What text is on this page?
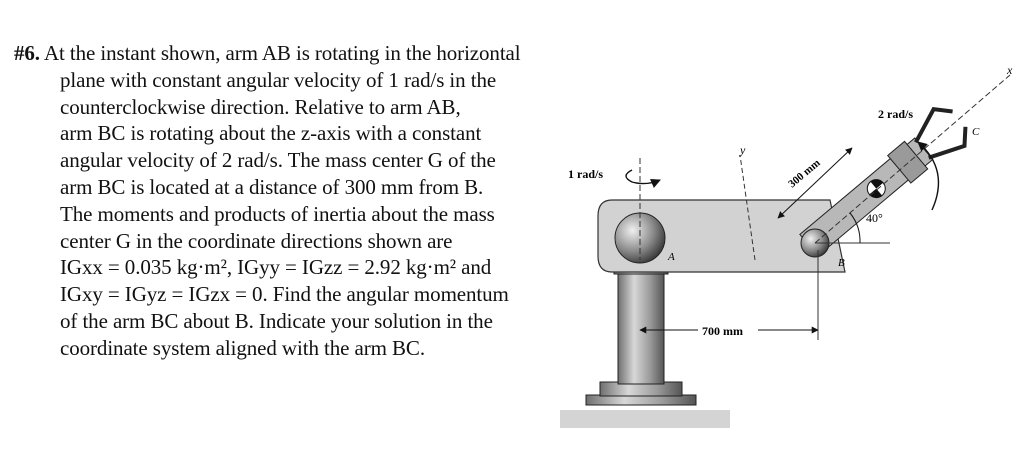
#6. At the instant shown, arm AB is rotating in the horizontal
plane with constant angular velocity of 1 rad/s in the
counterclockwise direction. Relative to arm AB,
arm BC is rotating about the z-axis with a constant
angular velocity of 2 rad/s. The mass center G of the
arm BC is located at a distance of 300 mm from B.
The moments and products of inertia about the mass
center G in the coordinate directions shown are
IGxx = 0.035 kg·m², IGyy = IGzz = 2.92 kg·m² and
IGxy = IGyz = IGzx = 0. Find the angular momentum
of the arm BC about B. Indicate your solution in the
coordinate system aligned with the arm BC.
A
1 rad/s
y
B
x
C
40°
300 mm
2 rad/s
700 mm
